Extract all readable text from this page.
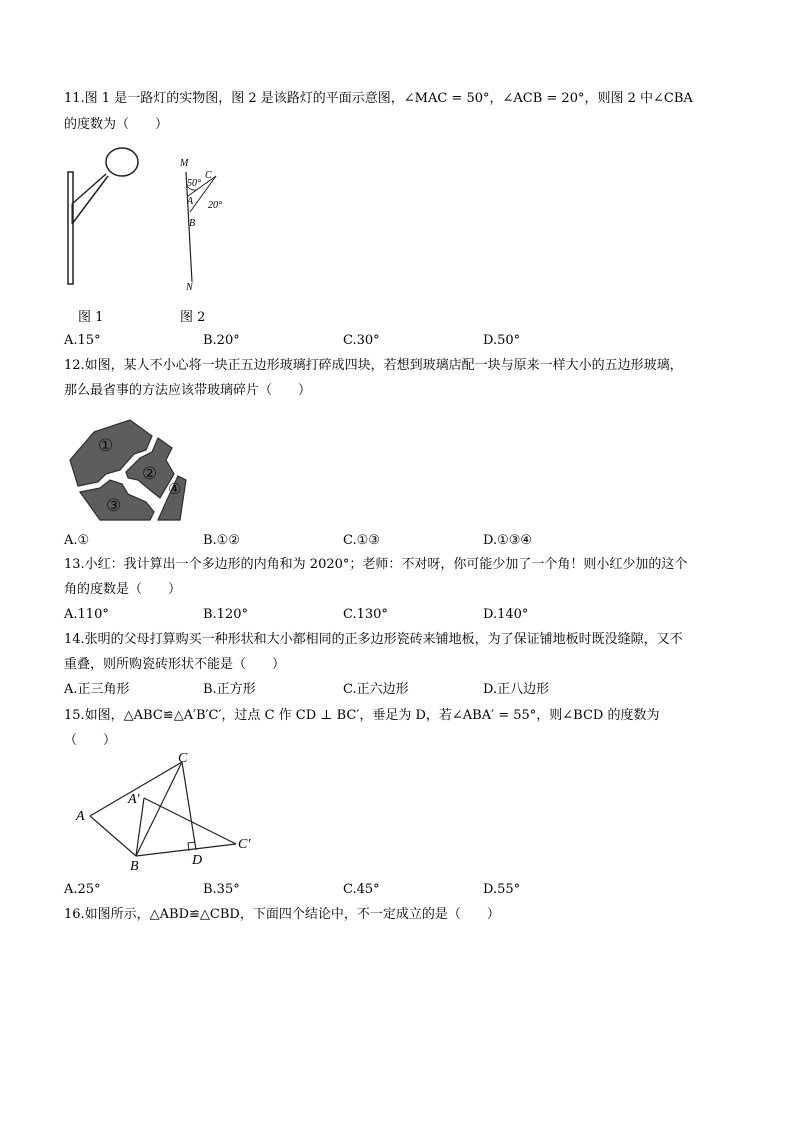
11.图 1 是一路灯的实物图，图 2 是该路灯的平面示意图，∠MAC = 50°，∠ACB = 20°，则图 2 中∠CBA
的度数为（　　）
M
50°
C
A 20°
B
N
图 1	图 2
A.15°	B.20°	C.30°	D.50°
12.如图，某人不小心将一块正五边形玻璃打碎成四块，若想到玻璃店配一块与原来一样大小的五边形玻璃，
那么最省事的方法应该带玻璃碎片（　　）
①
②
③
④
A.①	B.①②	C.①③	D.①③④
13.小红：我计算出一个多边形的内角和为 2020°；老师：不对呀，你可能少加了一个角！则小红少加的这个
角的度数是（　　）
A.110°	B.120°	C.130°	D.140°
14.张明的父母打算购买一种形状和大小都相同的正多边形瓷砖来铺地板，为了保证铺地板时既没缝隙，又不
重叠，则所购瓷砖形状不能是（　　）
A.正三角形	B.正方形	C.正六边形	D.正八边形
15.如图，△ABC≌△A′B′C′，过点 C 作 CD ⊥ BC′，垂足为 D，若∠ABA′ = 55°，则∠BCD 的度数为
（　　）
A
A′
B
C
C′
D
A.25°	B.35°	C.45°	D.55°
16.如图所示，△ABD≌△CBD，下面四个结论中，不一定成立的是（　　）
